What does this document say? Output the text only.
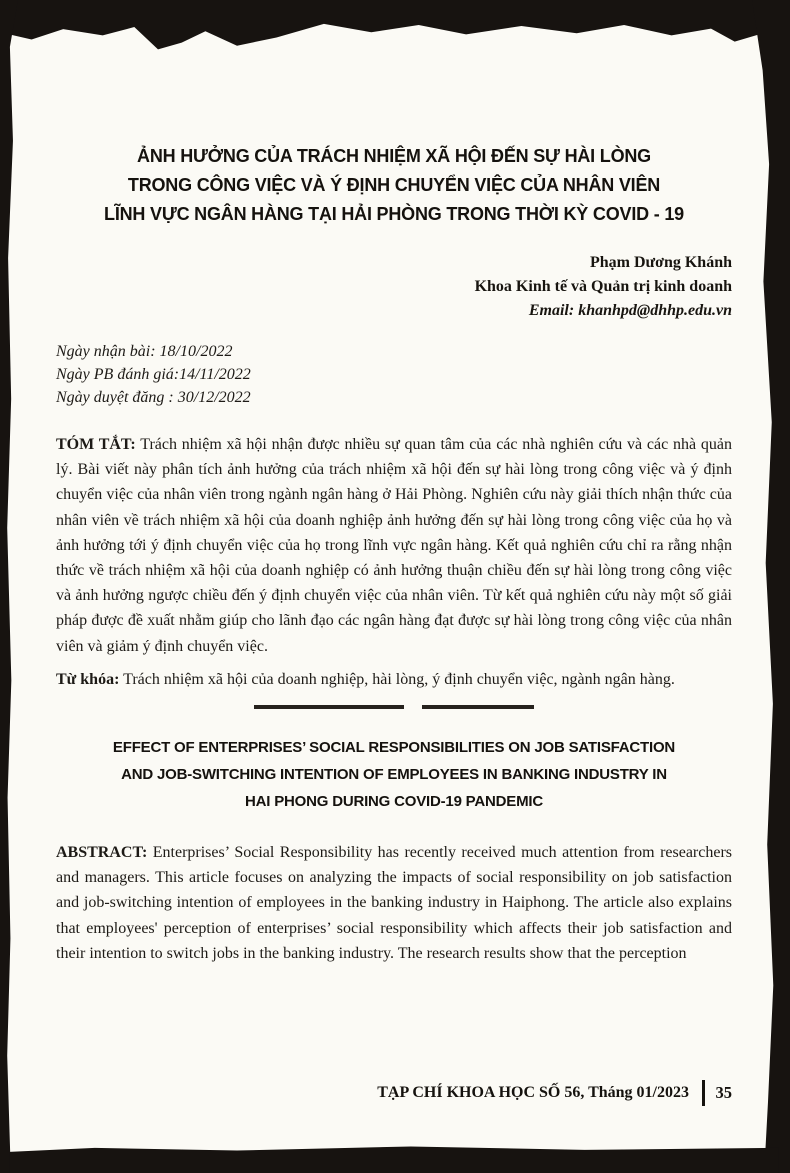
ẢNH HƯỞNG CỦA TRÁCH NHIỆM XÃ HỘI ĐẾN SỰ HÀI LÒNG
TRONG CÔNG VIỆC VÀ Ý ĐỊNH CHUYỂN VIỆC CỦA NHÂN VIÊN
LĨNH VỰC NGÂN HÀNG TẠI HẢI PHÒNG TRONG THỜI KỲ COVID - 19
Phạm Dương Khánh
Khoa Kinh tế và Quản trị kinh doanh
Email: khanhpd@dhhp.edu.vn
Ngày nhận bài: 18/10/2022
Ngày PB đánh giá:14/11/2022
Ngày duyệt đăng : 30/12/2022

TÓM TẮT: Trách nhiệm xã hội nhận được nhiều sự quan tâm của các nhà nghiên cứu và các nhà quản lý. Bài viết này phân tích ảnh hưởng của trách nhiệm xã hội đến sự hài lòng trong công việc và ý định chuyển việc của nhân viên trong ngành ngân hàng ở Hải Phòng. Nghiên cứu này giải thích nhận thức của nhân viên về trách nhiệm xã hội của doanh nghiệp ảnh hưởng đến sự hài lòng trong công việc của họ và ảnh hưởng tới ý định chuyển việc của họ trong lĩnh vực ngân hàng. Kết quả nghiên cứu chỉ ra rằng nhận thức về trách nhiệm xã hội của doanh nghiệp có ảnh hưởng thuận chiều đến sự hài lòng trong công việc và ảnh hưởng ngược chiều đến ý định chuyển việc của nhân viên. Từ kết quả nghiên cứu này một số giải pháp được đề xuất nhằm giúp cho lãnh đạo các ngân hàng đạt được sự hài lòng trong công việc của nhân viên và giảm ý định chuyển việc.

Từ khóa: Trách nhiệm xã hội của doanh nghiệp, hài lòng, ý định chuyển việc, ngành ngân hàng.

EFFECT OF ENTERPRISES’ SOCIAL RESPONSIBILITIES ON JOB SATISFACTION
AND JOB-SWITCHING INTENTION OF EMPLOYEES IN BANKING INDUSTRY IN
HAI PHONG DURING COVID-19 PANDEMIC

ABSTRACT: Enterprises’ Social Responsibility has recently received much attention from researchers and managers. This article focuses on analyzing the impacts of social responsibility on job satisfaction and job-switching intention of employees in the banking industry in Haiphong. The article also explains that employees' perception of enterprises’ social responsibility which affects their job satisfaction and their intention to switch jobs in the banking industry. The research results show that the perception

TẠP CHÍ KHOA HỌC SỐ 56, Tháng 01/2023 35
